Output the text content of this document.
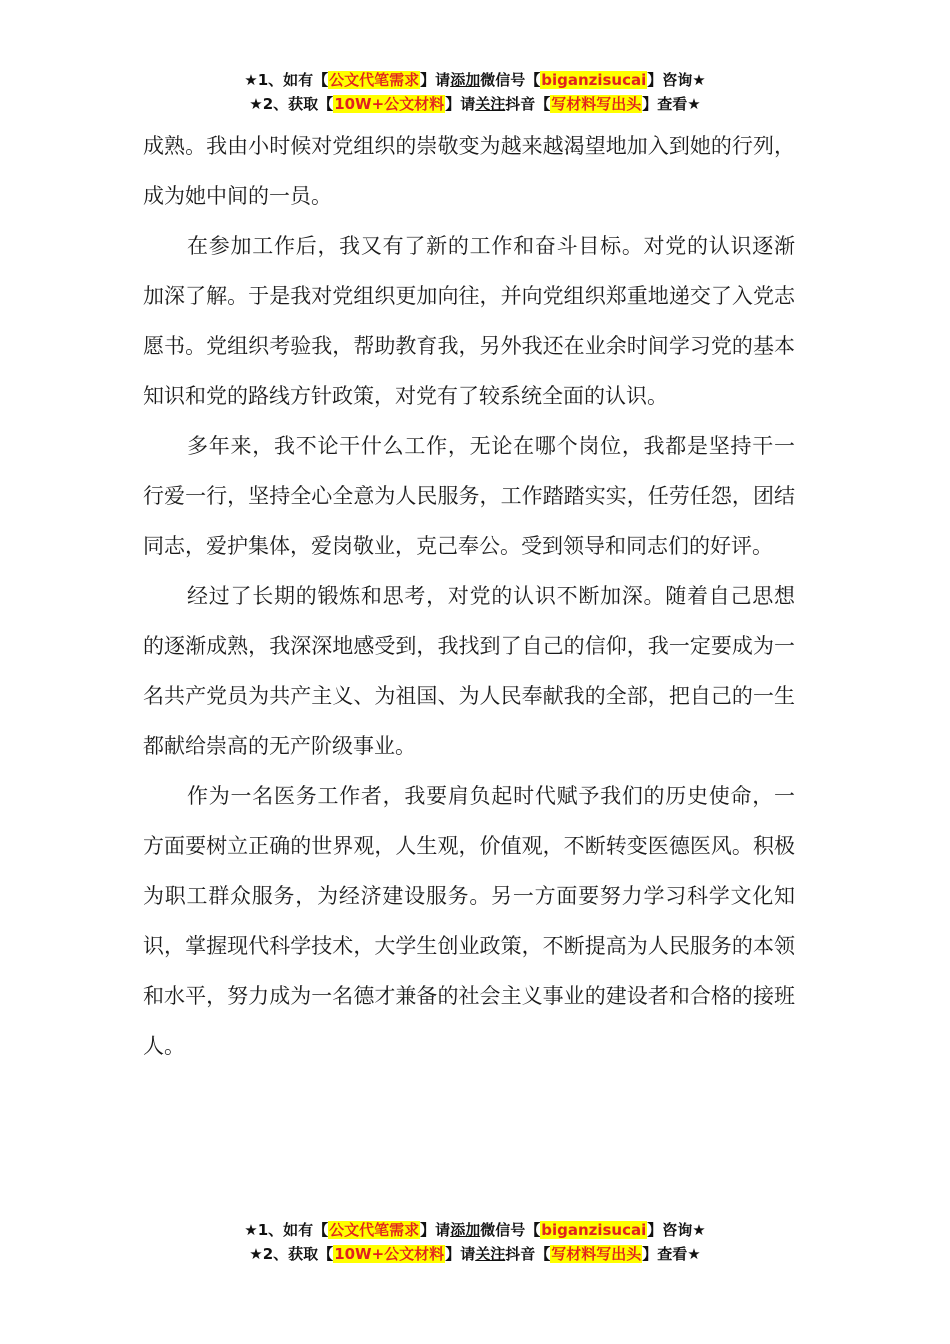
★1、如有【公文代笔需求】请添加微信号【biganzisucai】咨询★
★2、获取【10W+公文材料】请关注抖音【写材料写出头】查看★

成熟。我由小时候对党组织的崇敬变为越来越渴望地加入到她的行列，成为她中间的一员。

在参加工作后，我又有了新的工作和奋斗目标。对党的认识逐渐加深了解。于是我对党组织更加向往，并向党组织郑重地递交了入党志愿书。党组织考验我，帮助教育我，另外我还在业余时间学习党的基本知识和党的路线方针政策，对党有了较系统全面的认识。

多年来，我不论干什么工作，无论在哪个岗位，我都是坚持干一行爱一行，坚持全心全意为人民服务，工作踏踏实实，任劳任怨，团结同志，爱护集体，爱岗敬业，克己奉公。受到领导和同志们的好评。

经过了长期的锻炼和思考，对党的认识不断加深。随着自己思想的逐渐成熟，我深深地感受到，我找到了自己的信仰，我一定要成为一名共产党员为共产主义、为祖国、为人民奉献我的全部，把自己的一生都献给崇高的无产阶级事业。

作为一名医务工作者，我要肩负起时代赋予我们的历史使命，一方面要树立正确的世界观，人生观，价值观，不断转变医德医风。积极为职工群众服务，为经济建设服务。另一方面要努力学习科学文化知识，掌握现代科学技术，大学生创业政策，不断提高为人民服务的本领和水平，努力成为一名德才兼备的社会主义事业的建设者和合格的接班人。

★1、如有【公文代笔需求】请添加微信号【biganzisucai】咨询★
★2、获取【10W+公文材料】请关注抖音【写材料写出头】查看★
